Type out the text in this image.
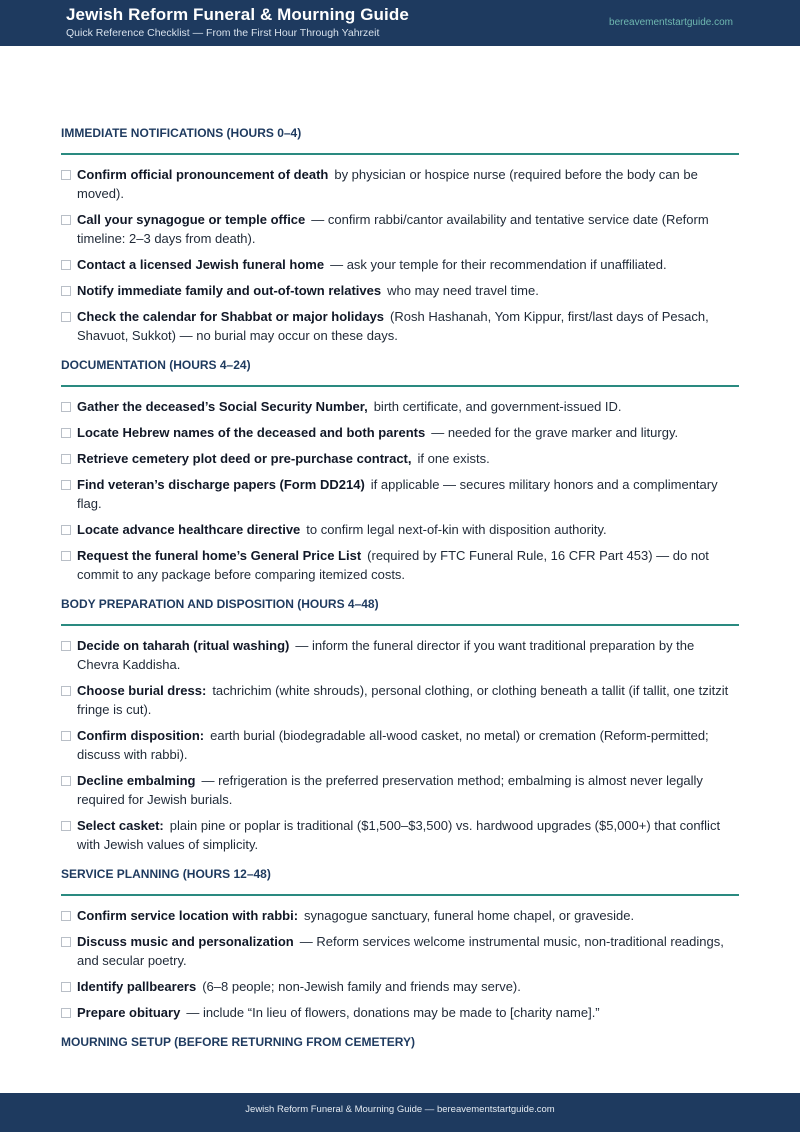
Jewish Reform Funeral & Mourning Guide
Quick Reference Checklist — From the First Hour Through Yahrzeit
bereavementstartguide.com
IMMEDIATE NOTIFICATIONS (HOURS 0–4)
Confirm official pronouncement of death by physician or hospice nurse (required before the body can be moved).
Call your synagogue or temple office — confirm rabbi/cantor availability and tentative service date (Reform timeline: 2–3 days from death).
Contact a licensed Jewish funeral home — ask your temple for their recommendation if unaffiliated.
Notify immediate family and out-of-town relatives who may need travel time.
Check the calendar for Shabbat or major holidays (Rosh Hashanah, Yom Kippur, first/last days of Pesach, Shavuot, Sukkot) — no burial may occur on these days.
DOCUMENTATION (HOURS 4–24)
Gather the deceased’s Social Security Number, birth certificate, and government-issued ID.
Locate Hebrew names of the deceased and both parents — needed for the grave marker and liturgy.
Retrieve cemetery plot deed or pre-purchase contract, if one exists.
Find veteran’s discharge papers (Form DD214) if applicable — secures military honors and a complimentary flag.
Locate advance healthcare directive to confirm legal next-of-kin with disposition authority.
Request the funeral home’s General Price List (required by FTC Funeral Rule, 16 CFR Part 453) — do not commit to any package before comparing itemized costs.
BODY PREPARATION AND DISPOSITION (HOURS 4–48)
Decide on taharah (ritual washing) — inform the funeral director if you want traditional preparation by the Chevra Kaddisha.
Choose burial dress: tachrichim (white shrouds), personal clothing, or clothing beneath a tallit (if tallit, one tzitzit fringe is cut).
Confirm disposition: earth burial (biodegradable all-wood casket, no metal) or cremation (Reform-permitted; discuss with rabbi).
Decline embalming — refrigeration is the preferred preservation method; embalming is almost never legally required for Jewish burials.
Select casket: plain pine or poplar is traditional ($1,500–$3,500) vs. hardwood upgrades ($5,000+) that conflict with Jewish values of simplicity.
SERVICE PLANNING (HOURS 12–48)
Confirm service location with rabbi: synagogue sanctuary, funeral home chapel, or graveside.
Discuss music and personalization — Reform services welcome instrumental music, non-traditional readings, and secular poetry.
Identify pallbearers (6–8 people; non-Jewish family and friends may serve).
Prepare obituary — include “In lieu of flowers, donations may be made to [charity name].”
MOURNING SETUP (BEFORE RETURNING FROM CEMETERY)
Jewish Reform Funeral & Mourning Guide — bereavementstartguide.com
